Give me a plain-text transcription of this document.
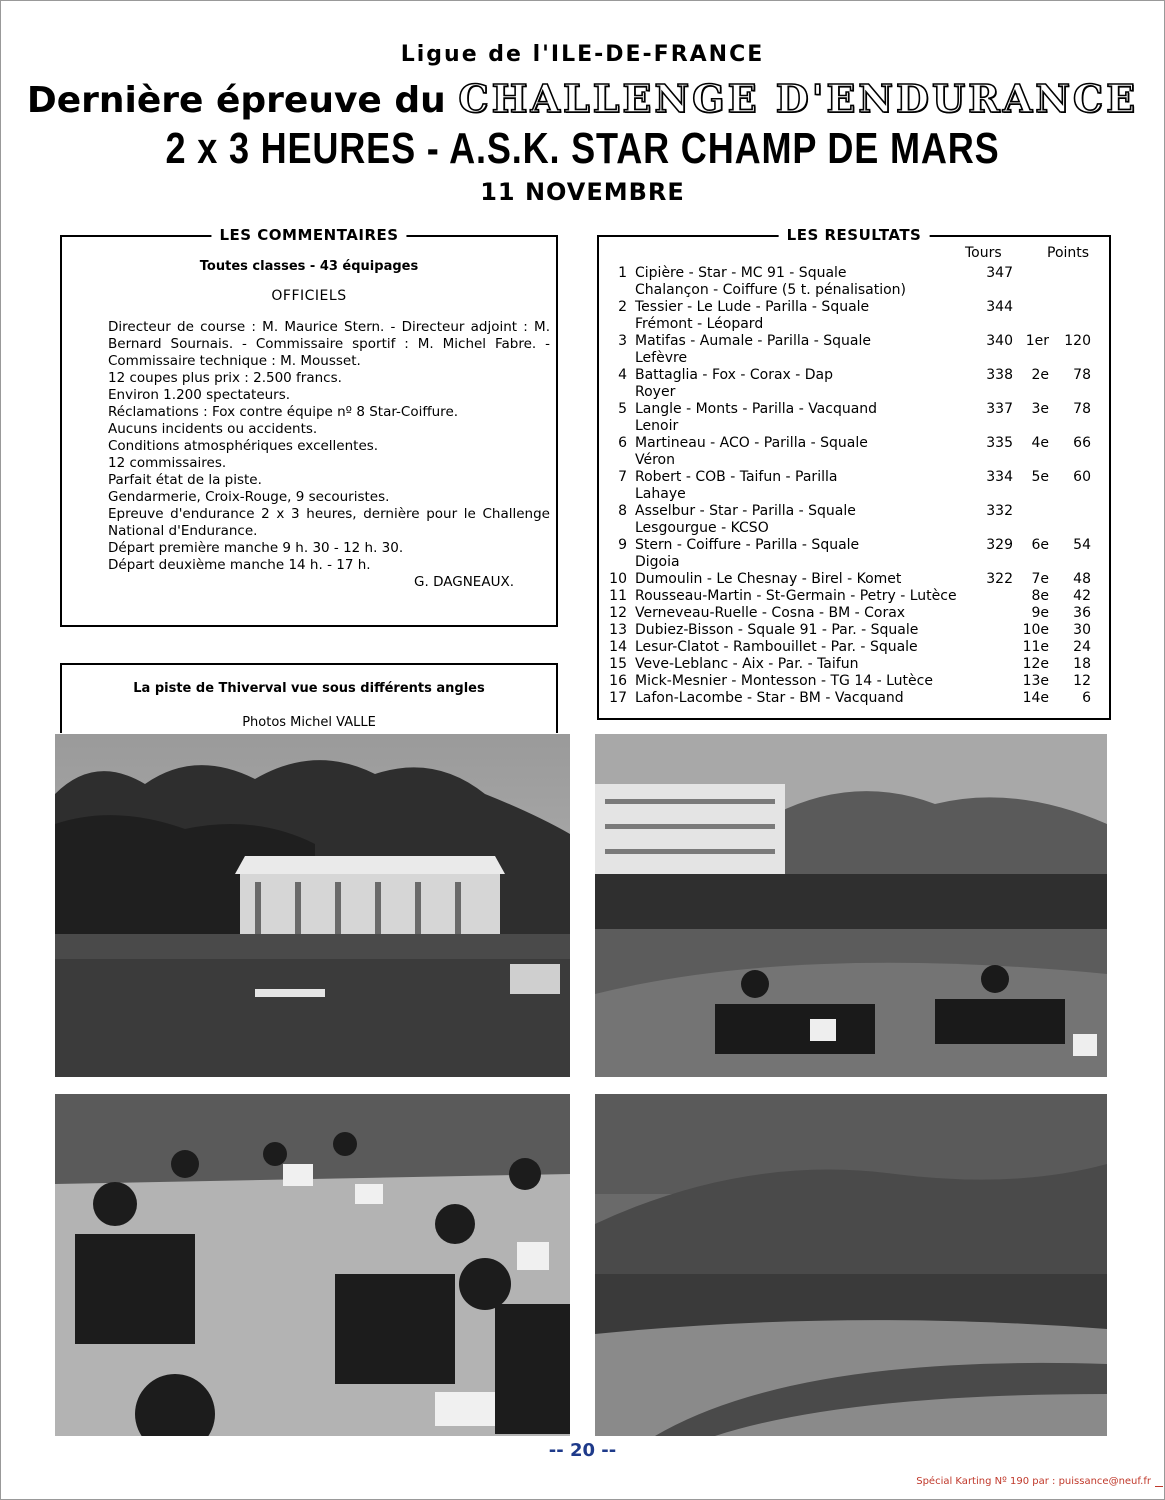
Ligue de l'ILE-DE-FRANCE
Dernière épreuve du CHALLENGE D'ENDURANCE
2 x 3 HEURES - A.S.K. STAR CHAMP DE MARS
11 NOVEMBRE
LES COMMENTAIRES
Toutes classes - 43 équipages
OFFICIELS
Directeur de course : M. Maurice Stern. - Directeur adjoint : M. Bernard Sournais. - Commissaire sportif : M. Michel Fabre. - Commissaire technique : M. Mousset.
12 coupes plus prix : 2.500 francs.
Environ 1.200 spectateurs.
Réclamations : Fox contre équipe nº 8 Star-Coiffure.
Aucuns incidents ou accidents.
Conditions atmosphériques excellentes.
12 commissaires.
Parfait état de la piste.
Gendarmerie, Croix-Rouge, 9 secouristes.
Epreuve d'endurance 2 x 3 heures, dernière pour le Challenge National d'Endurance.
Départ première manche 9 h. 30 - 12 h. 30.
Départ deuxième manche 14 h. - 17 h.
G. DAGNEAUX.
LES RESULTATS
Tours	Points
1 Cipière - Star - MC 91 - Squale	347
Chalançon - Coiffure (5 t. pénalisation)
2 Tessier - Le Lude - Parilla - Squale	344
Frémont - Léopard
3 Matifas - Aumale - Parilla - Squale	340 1er 120
Lefèvre
4 Battaglia - Fox - Corax - Dap	338	2e	78
Royer
5 Langle - Monts - Parilla - Vacquand	337	3e	78
Lenoir
6 Martineau - ACO - Parilla - Squale	335	4e	66
Véron
7 Robert - COB - Taifun - Parilla	334	5e	60
Lahaye
8 Asselbur - Star - Parilla - Squale	332
Lesgourgue - KCSO
9 Stern - Coiffure - Parilla - Squale	329	6e	54
Digoia
10 Dumoulin - Le Chesnay - Birel - Komet	322	7e	48
11 Rousseau-Martin - St-Germain - Petry - Lutèce	8e	42
12 Verneveau-Ruelle - Cosna - BM - Corax	9e	36
13 Dubiez-Bisson - Squale 91 - Par. - Squale	10e	30
14 Lesur-Clatot - Rambouillet - Par. - Squale	11e	24
15 Veve-Leblanc - Aix - Par. - Taifun	12e	18
16 Mick-Mesnier - Montesson - TG 14 - Lutèce	13e	12
17 Lafon-Lacombe - Star - BM - Vacquand	14e	6
La piste de Thiverval vue sous différents angles
Photos Michel VALLE
-- 20 --
Spécial Karting Nº 190 par : puissance@neuf.fr
